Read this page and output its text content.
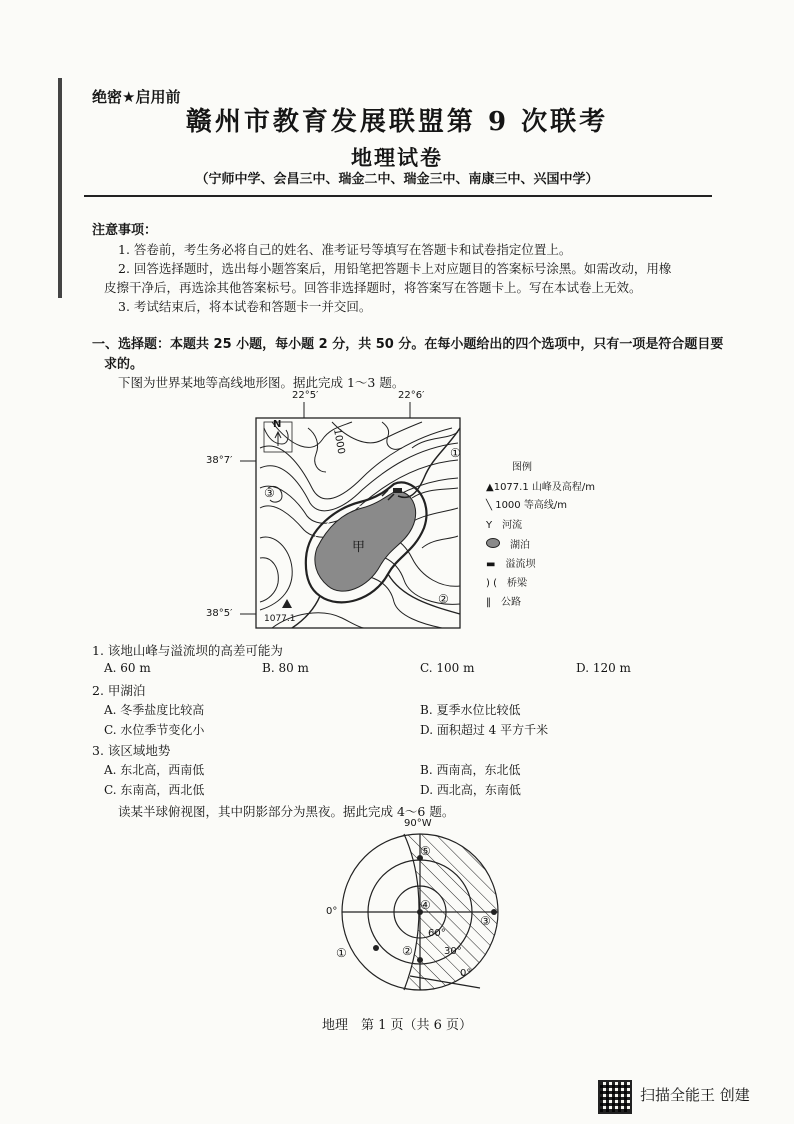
绝密★启用前
赣州市教育发展联盟第 9 次联考
地理试卷
（宁师中学、会昌三中、瑞金二中、瑞金三中、南康三中、兴国中学）
注意事项：
1. 答卷前，考生务必将自己的姓名、准考证号等填写在答题卡和试卷指定位置上。
2. 回答选择题时，选出每小题答案后，用铅笔把答题卡上对应题目的答案标号涂黑。如需改动，用橡
皮擦干净后，再选涂其他答案标号。回答非选择题时，将答案写在答题卡上。写在本试卷上无效。
3. 考试结束后，将本试卷和答题卡一并交回。
一、选择题：本题共 25 小题，每小题 2 分，共 50 分。在每小题给出的四个选项中，只有一项是符合题目要
求的。
下图为世界某地等高线地形图。据此完成 1～3 题。
22°5′	22°6′
38°7′
38°5′
N
1000
甲
1077.1
①
②
③
图例
▲1077.1 山峰及高程/m
╲ 1000 等高线/m
Y　河流
　湖泊
▬　溢流坝
) (　桥梁
‖　公路
1. 该地山峰与溢流坝的高差可能为
A. 60 m	B. 80 m	C. 100 m	D. 120 m
2. 甲湖泊
A. 冬季盐度比较高	B. 夏季水位比较低
C. 水位季节变化小	D. 面积超过 4 平方千米
3. 该区域地势
A. 东北高，西南低	B. 西南高，东北低
C. 东南高，西北低	D. 西北高，东南低
读某半球俯视图，其中阴影部分为黑夜。据此完成 4～6 题。
90°W
0°
60°
30°
0°
①	②
③
④
⑤
地理　第 1 页（共 6 页）
扫描全能王 创建
